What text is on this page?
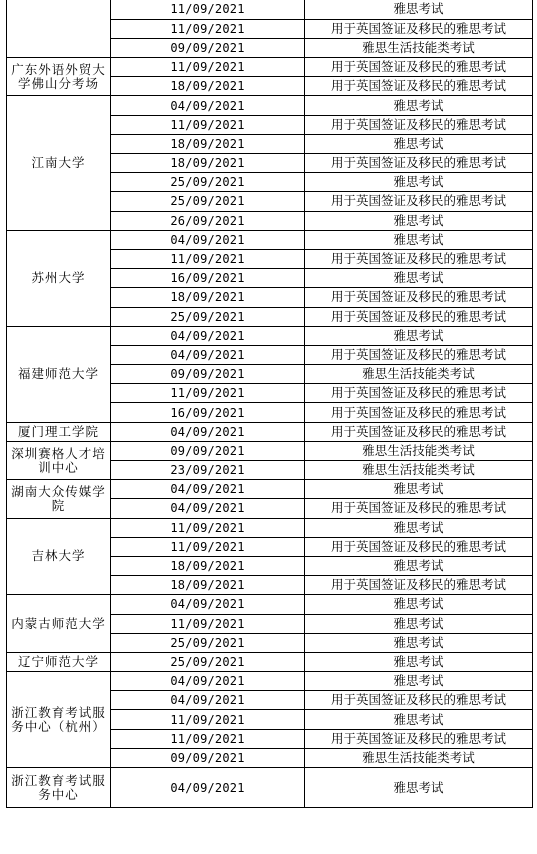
	11/09/2021	雅思考试
	11/09/2021	用于英国签证及移民的雅思考试
	09/09/2021	雅思生活技能类考试
广东外语外贸大学佛山分考场	11/09/2021	用于英国签证及移民的雅思考试
	18/09/2021	用于英国签证及移民的雅思考试
江南大学	04/09/2021	雅思考试
	11/09/2021	用于英国签证及移民的雅思考试
	18/09/2021	雅思考试
	18/09/2021	用于英国签证及移民的雅思考试
	25/09/2021	雅思考试
	25/09/2021	用于英国签证及移民的雅思考试
	26/09/2021	雅思考试
苏州大学	04/09/2021	雅思考试
	11/09/2021	用于英国签证及移民的雅思考试
	16/09/2021	雅思考试
	18/09/2021	用于英国签证及移民的雅思考试
	25/09/2021	用于英国签证及移民的雅思考试
福建师范大学	04/09/2021	雅思考试
	04/09/2021	用于英国签证及移民的雅思考试
	09/09/2021	雅思生活技能类考试
	11/09/2021	用于英国签证及移民的雅思考试
	16/09/2021	用于英国签证及移民的雅思考试
厦门理工学院	04/09/2021	用于英国签证及移民的雅思考试
深圳赛格人才培训中心	09/09/2021	雅思生活技能类考试
	23/09/2021	雅思生活技能类考试
湖南大众传媒学院	04/09/2021	雅思考试
	04/09/2021	用于英国签证及移民的雅思考试
吉林大学	11/09/2021	雅思考试
	11/09/2021	用于英国签证及移民的雅思考试
	18/09/2021	雅思考试
	18/09/2021	用于英国签证及移民的雅思考试
内蒙古师范大学	04/09/2021	雅思考试
	11/09/2021	雅思考试
	25/09/2021	雅思考试
辽宁师范大学	25/09/2021	雅思考试
浙江教育考试服务中心（杭州）	04/09/2021	雅思考试
	04/09/2021	用于英国签证及移民的雅思考试
	11/09/2021	雅思考试
	11/09/2021	用于英国签证及移民的雅思考试
	09/09/2021	雅思生活技能类考试
浙江教育考试服务中心	04/09/2021	雅思考试
